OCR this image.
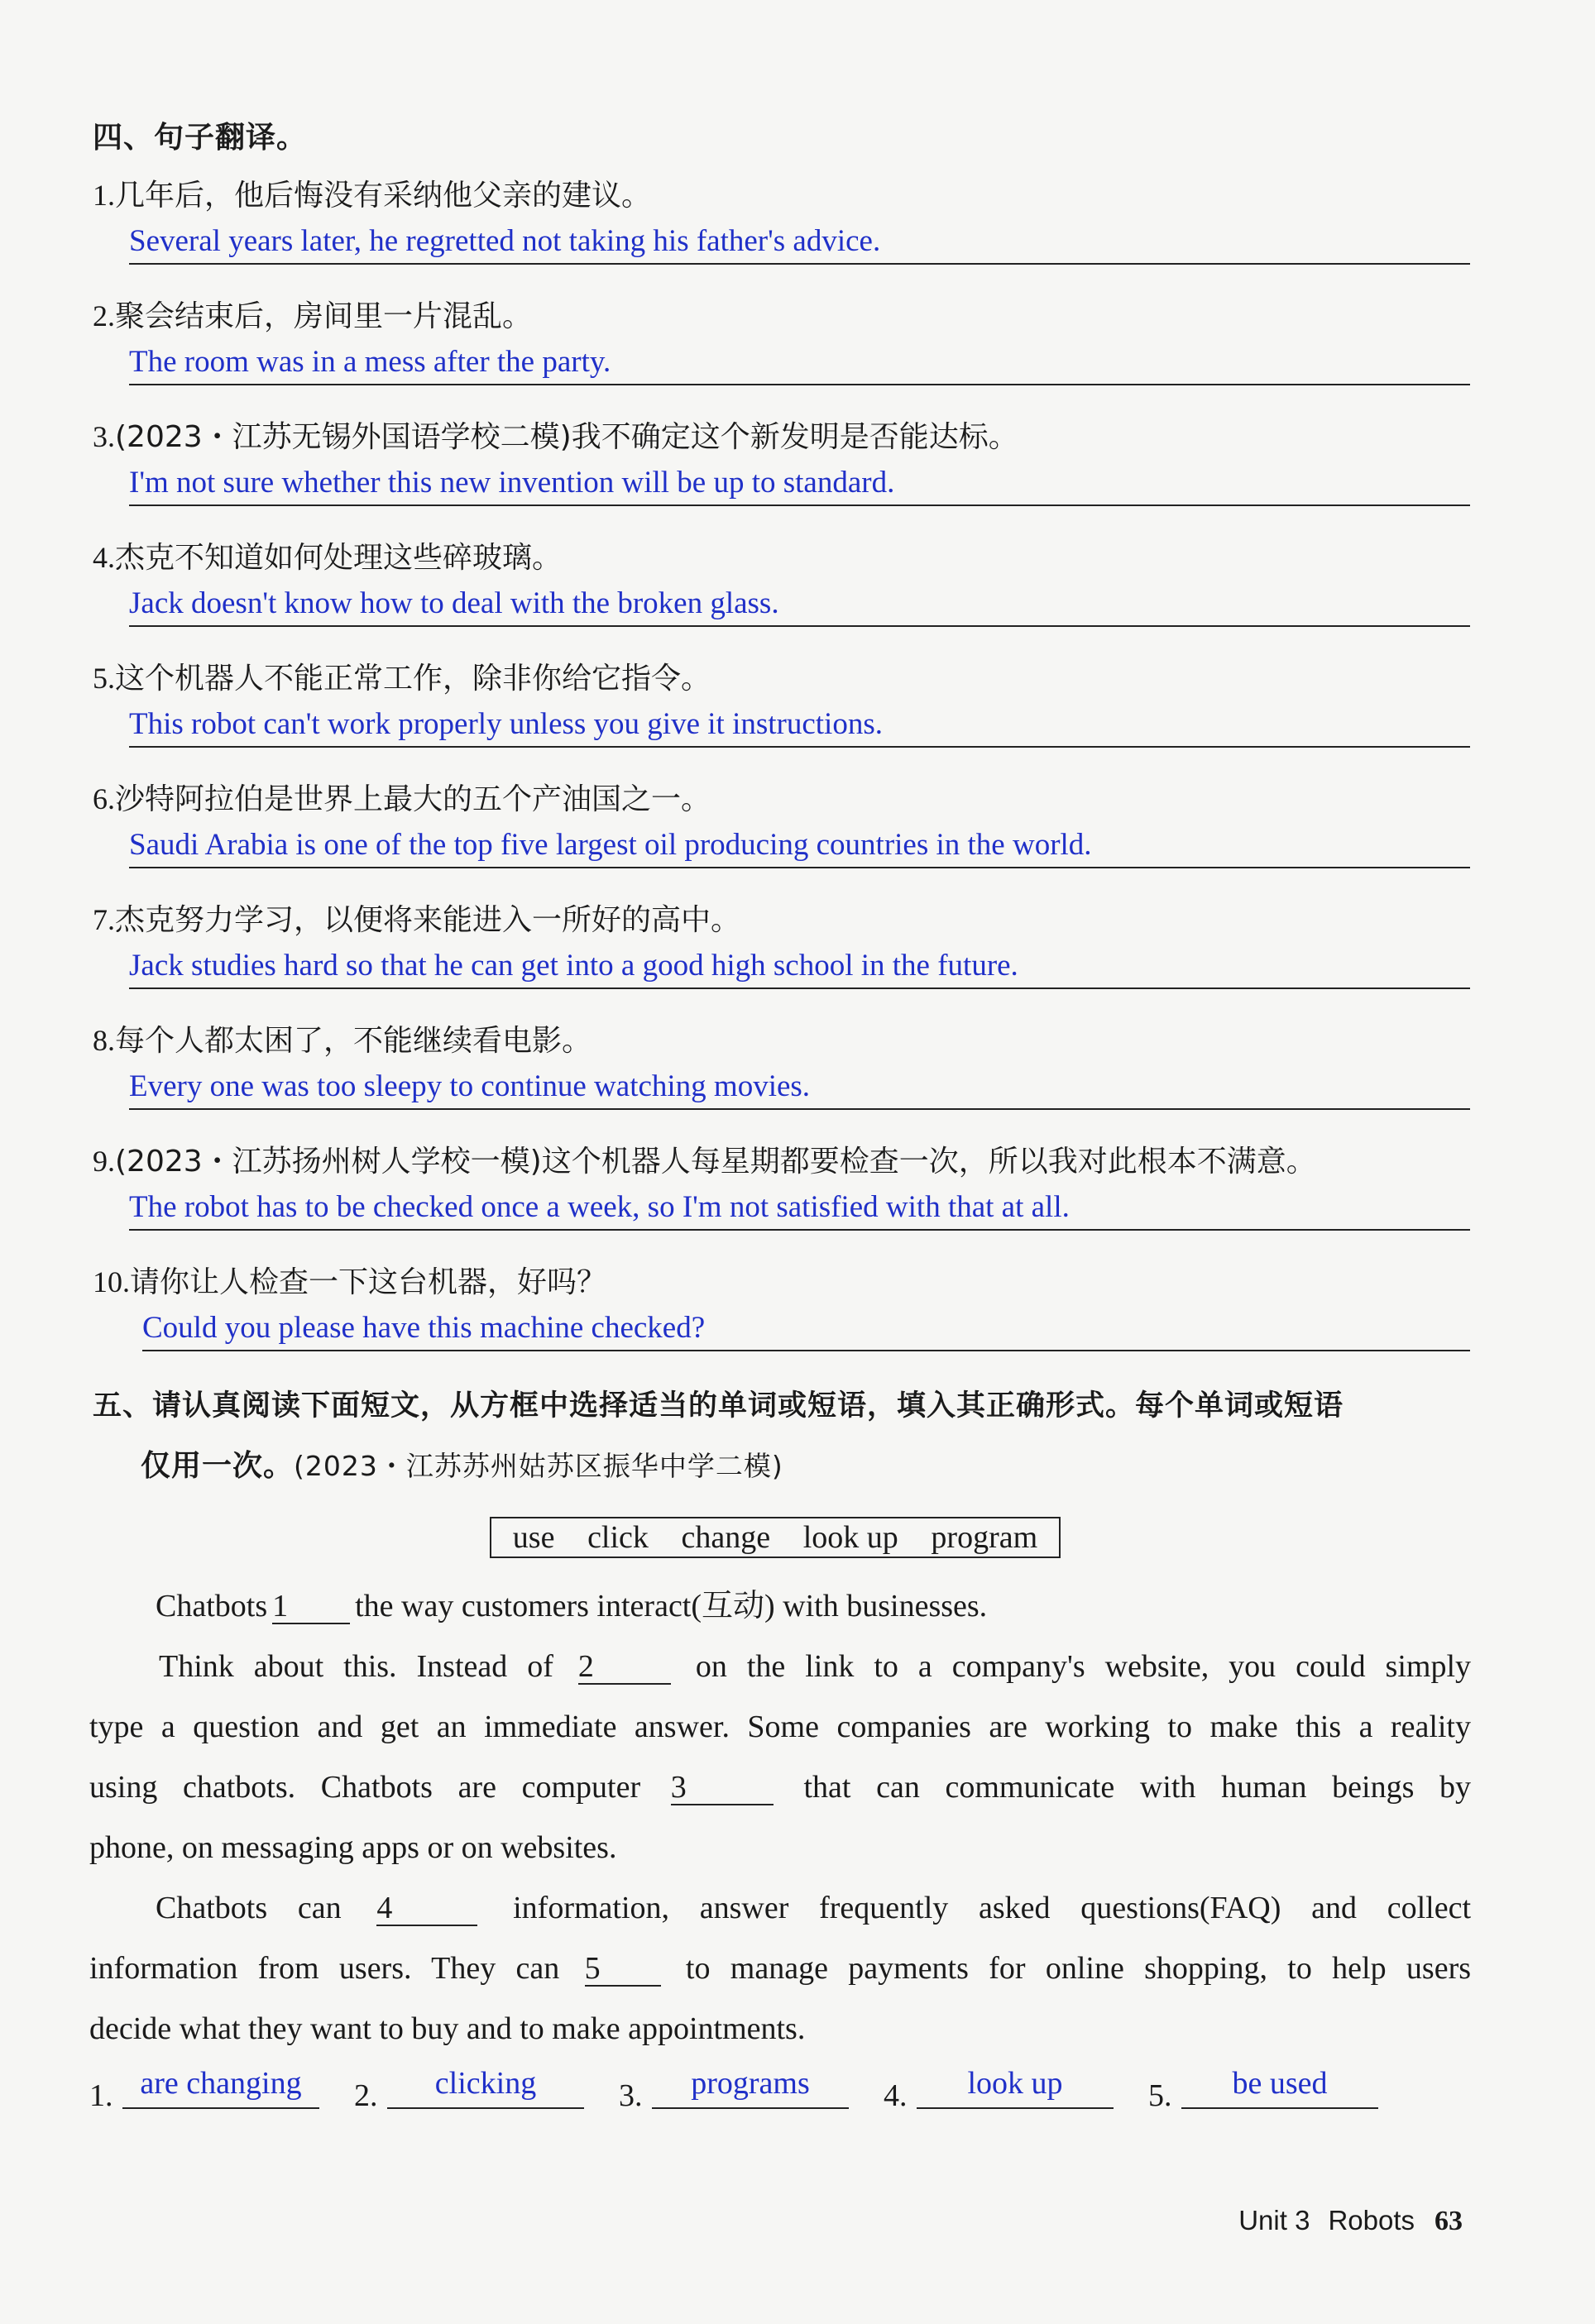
四、句子翻译。
1.几年后，他后悔没有采纳他父亲的建议。
Several years later, he regretted not taking his father's advice.
2.聚会结束后，房间里一片混乱。
The room was in a mess after the party.
3.(2023・江苏无锡外国语学校二模)我不确定这个新发明是否能达标。
I'm not sure whether this new invention will be up to standard.
4.杰克不知道如何处理这些碎玻璃。
Jack doesn't know how to deal with the broken glass.
5.这个机器人不能正常工作，除非你给它指令。
This robot can't work properly unless you give it instructions.
6.沙特阿拉伯是世界上最大的五个产油国之一。
Saudi Arabia is one of the top five largest oil producing countries in the world.
7.杰克努力学习，以便将来能进入一所好的高中。
Jack studies hard so that he can get into a good high school in the future.
8.每个人都太困了，不能继续看电影。
Every one was too sleepy to continue watching movies.
9.(2023・江苏扬州树人学校一模)这个机器人每星期都要检查一次，所以我对此根本不满意。
The robot has to be checked once a week, so I'm not satisfied with that at all.
10.请你让人检查一下这台机器，好吗？
Could you please have this machine checked?
五、请认真阅读下面短文，从方框中选择适当的单词或短语，填入其正确形式。每个单词或短语
仅用一次。(2023・江苏苏州姑苏区振华中学二模)
use click change look up program
Chatbots 1 the way customers interact(互动) with businesses.
Think about this. Instead of 2	on the link to a company's website, you could simply
type a question and get an immediate answer. Some companies are working to make this a reality
using chatbots. Chatbots are computer 3	that can communicate with human beings by
phone, on messaging apps or on websites.
Chatbots can 4	information, answer frequently asked questions(FAQ) and collect
information from users. They can 5	to manage payments for online shopping, to help users
decide what they want to buy and to make appointments.
1. are changing	2.	clicking	3.	programs	4.	look up	5.	be used
Unit 3 Robots 63
